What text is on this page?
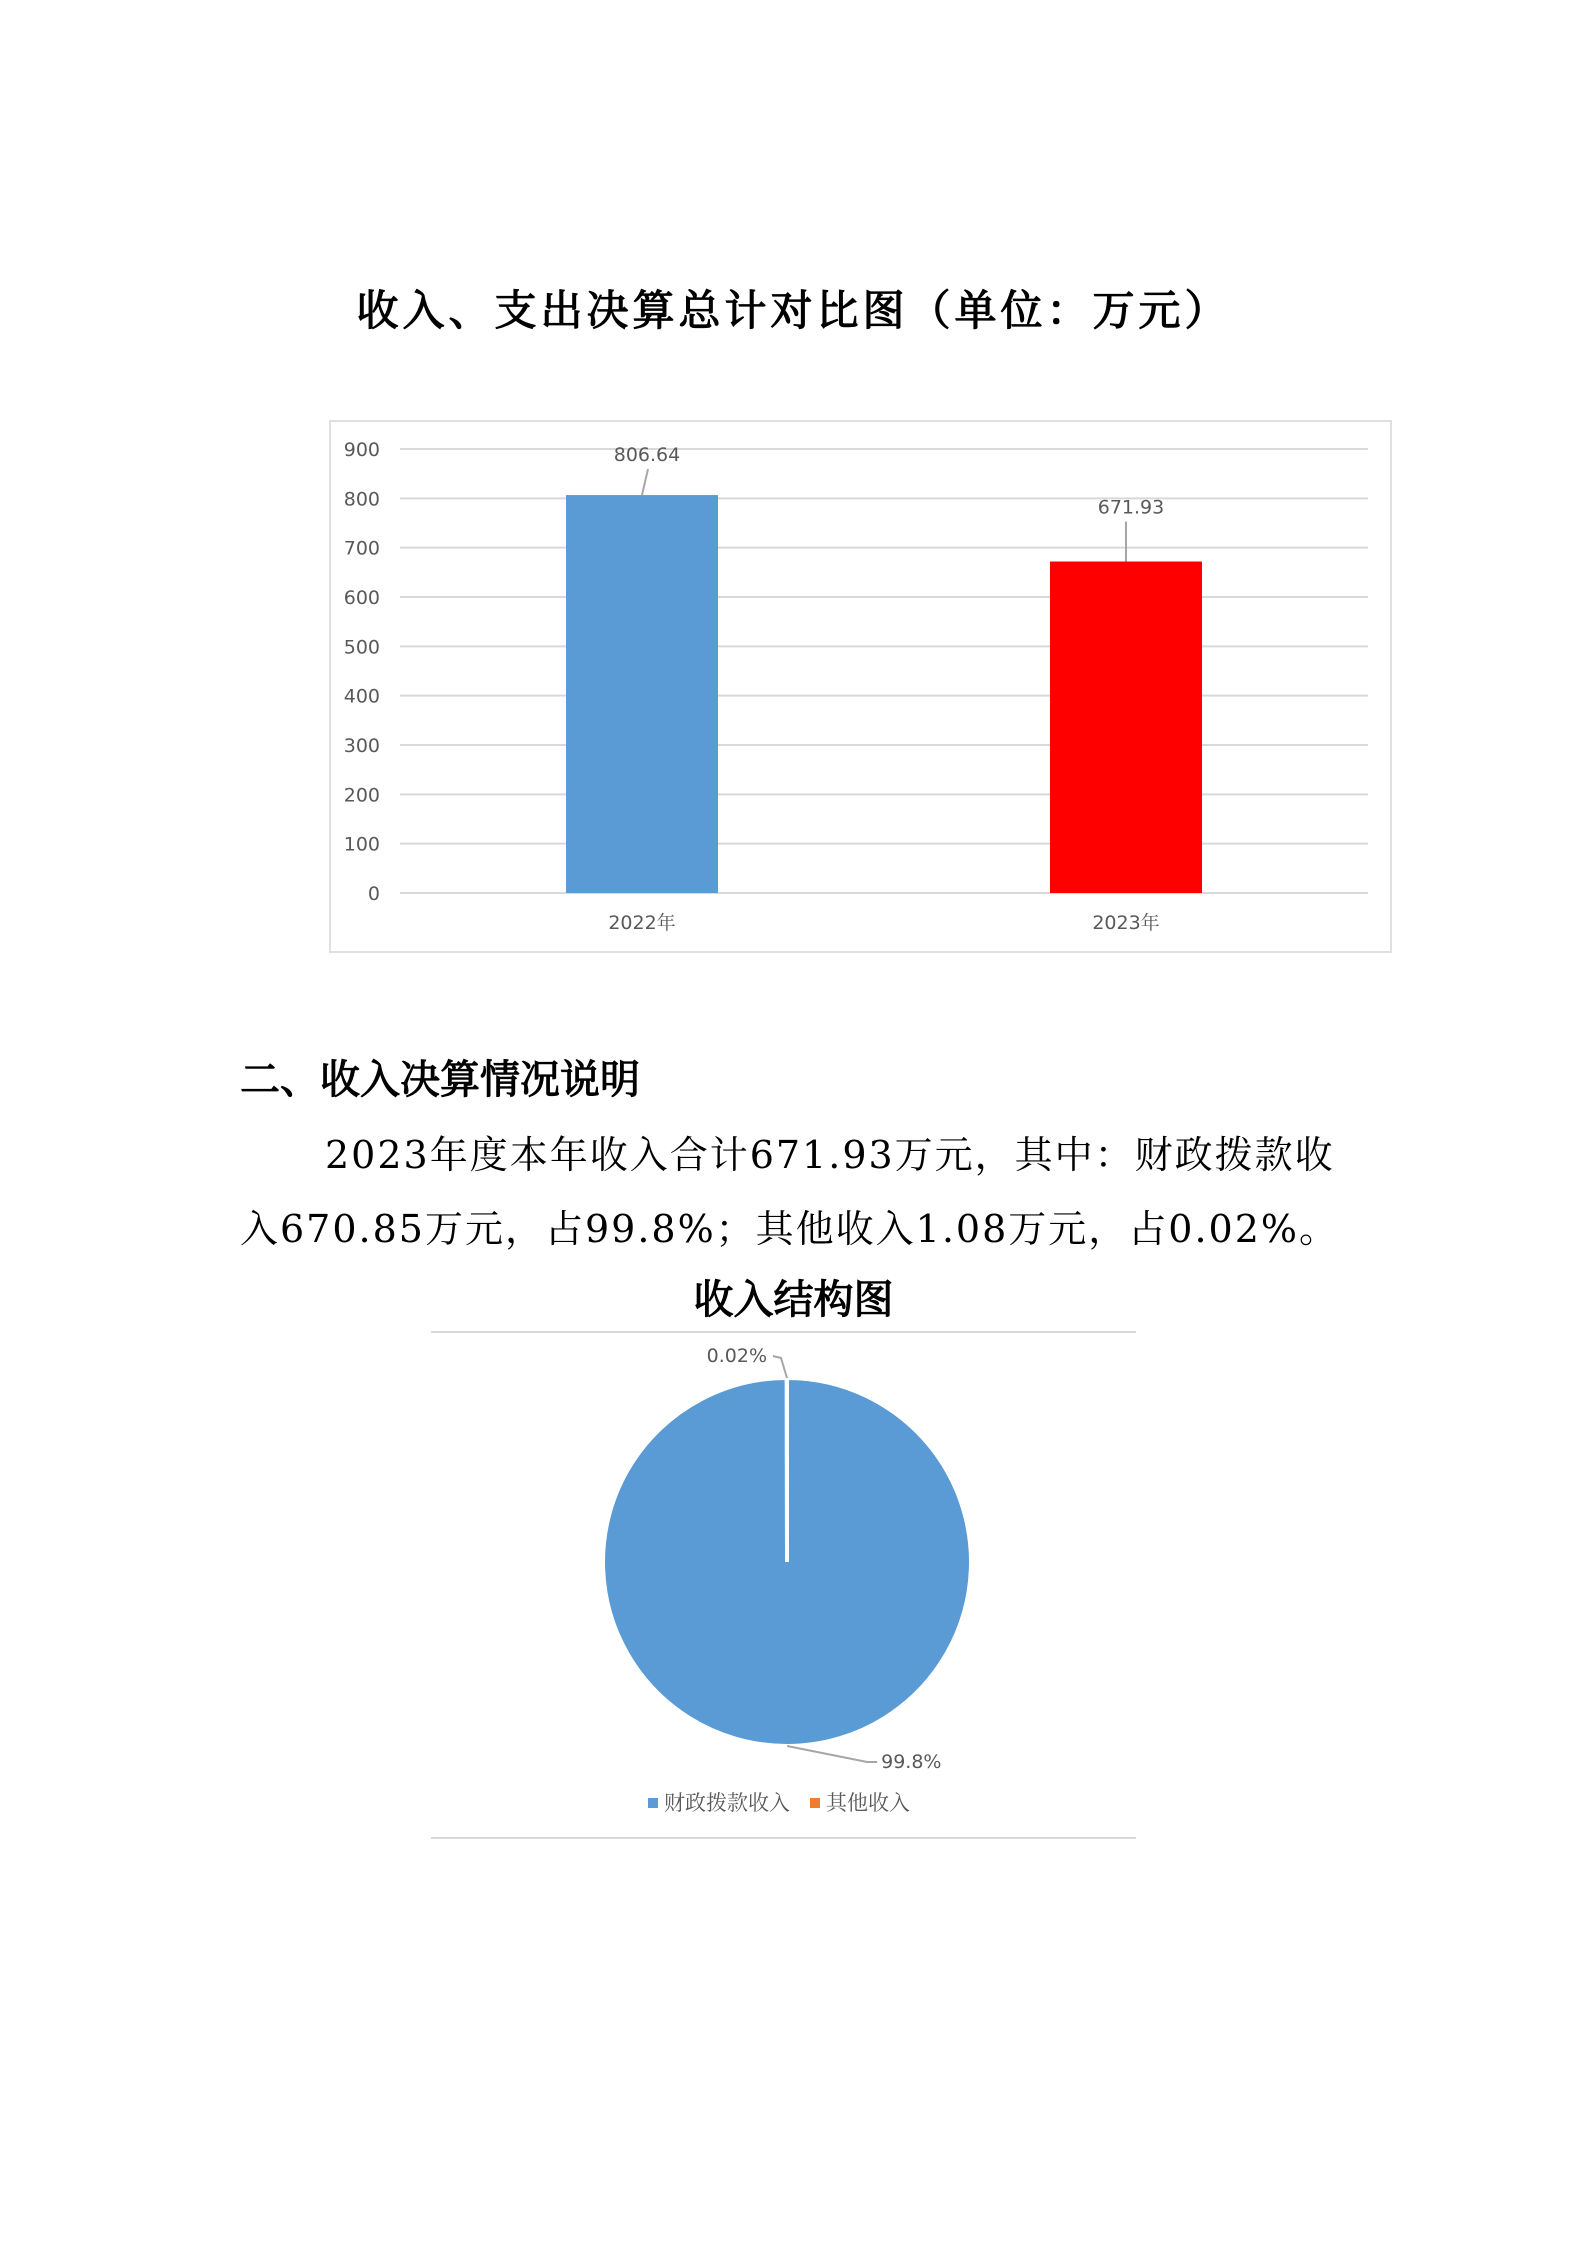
收入、支出决算总计对比图（单位：万元）
0
100
200
300
400
500
600
700
800
900	806.64
2022年
671.93
2023年
二、收入决算情况说明
2023年度本年收入合计671.93万元，其中：财政拨款收入670.85万元，占99.8%；其他收入1.08万元，占0.02%。
收入结构图
99.8%
0.02%
财政拨款收入 其他收入
